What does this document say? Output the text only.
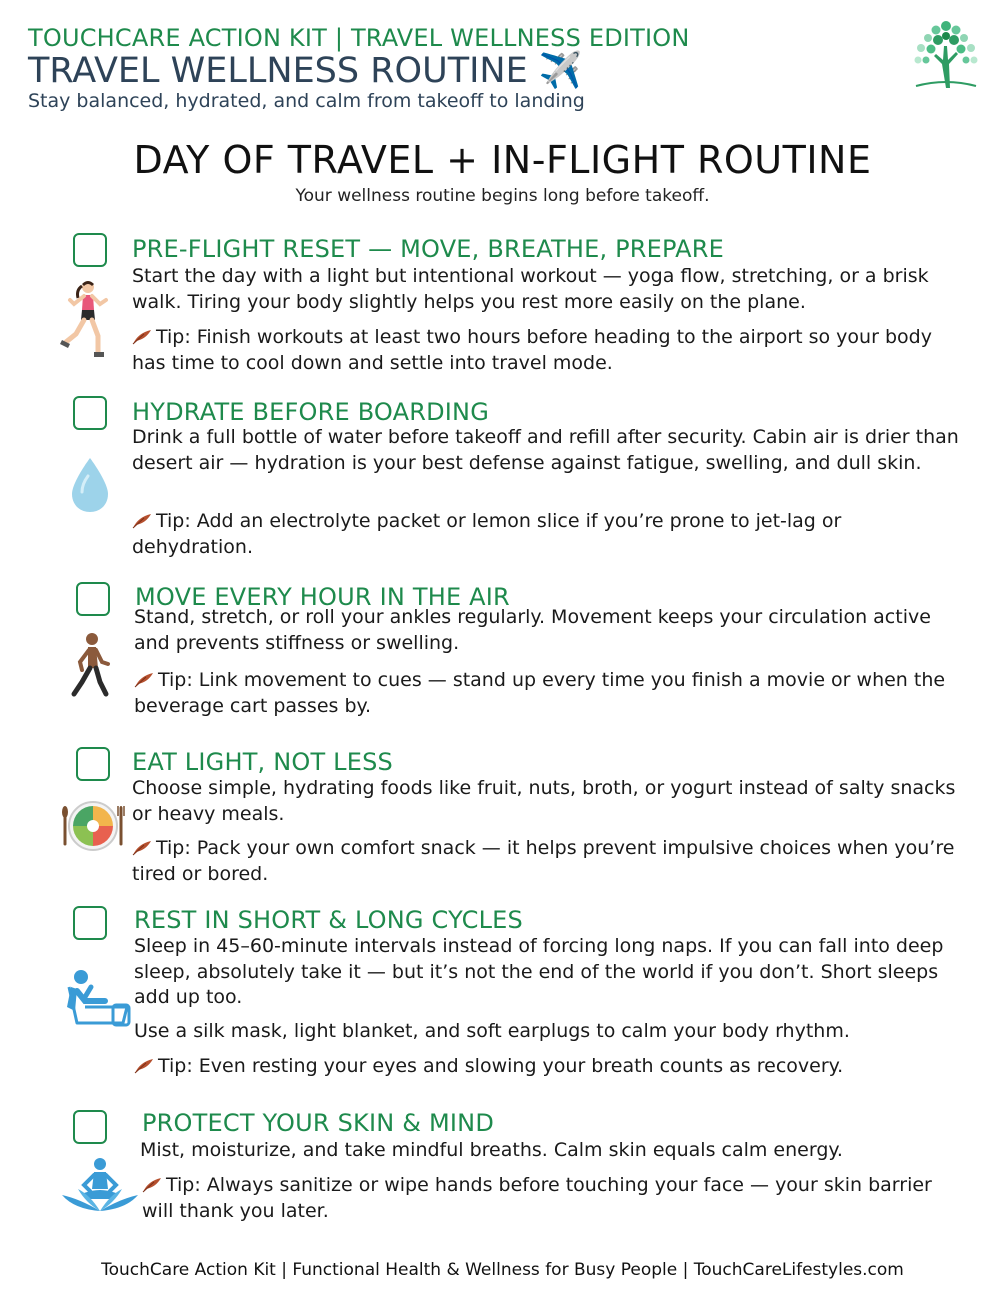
TOUCHCARE ACTION KIT | TRAVEL WELLNESS EDITION
TRAVEL WELLNESS ROUTINE ✈️
Stay balanced, hydrated, and calm from takeoff to landing
DAY OF TRAVEL + IN-FLIGHT ROUTINE
Your wellness routine begins long before takeoff.
PRE-FLIGHT RESET — MOVE, BREATHE, PREPARE
Start the day with a light but intentional workout — yoga flow, stretching, or a brisk walk. Tiring your body slightly helps you rest more easily on the plane.
Tip: Finish workouts at least two hours before heading to the airport so your body has time to cool down and settle into travel mode.
HYDRATE BEFORE BOARDING
Drink a full bottle of water before takeoff and refill after security. Cabin air is drier than desert air — hydration is your best defense against fatigue, swelling, and dull skin.
Tip: Add an electrolyte packet or lemon slice if you’re prone to jet-lag or dehydration.
MOVE EVERY HOUR IN THE AIR
Stand, stretch, or roll your ankles regularly. Movement keeps your circulation active and prevents stiffness or swelling.
Tip: Link movement to cues — stand up every time you finish a movie or when the beverage cart passes by.
EAT LIGHT, NOT LESS
Choose simple, hydrating foods like fruit, nuts, broth, or yogurt instead of salty snacks or heavy meals.
Tip: Pack your own comfort snack — it helps prevent impulsive choices when you’re tired or bored.
REST IN SHORT & LONG CYCLES
Sleep in 45–60-minute intervals instead of forcing long naps. If you can fall into deep sleep, absolutely take it — but it’s not the end of the world if you don’t. Short sleeps add up too.
Use a silk mask, light blanket, and soft earplugs to calm your body rhythm.
Tip: Even resting your eyes and slowing your breath counts as recovery.
PROTECT YOUR SKIN & MIND
Mist, moisturize, and take mindful breaths. Calm skin equals calm energy.
Tip: Always sanitize or wipe hands before touching your face — your skin barrier will thank you later.
TouchCare Action Kit | Functional Health & Wellness for Busy People | TouchCareLifestyles.com
